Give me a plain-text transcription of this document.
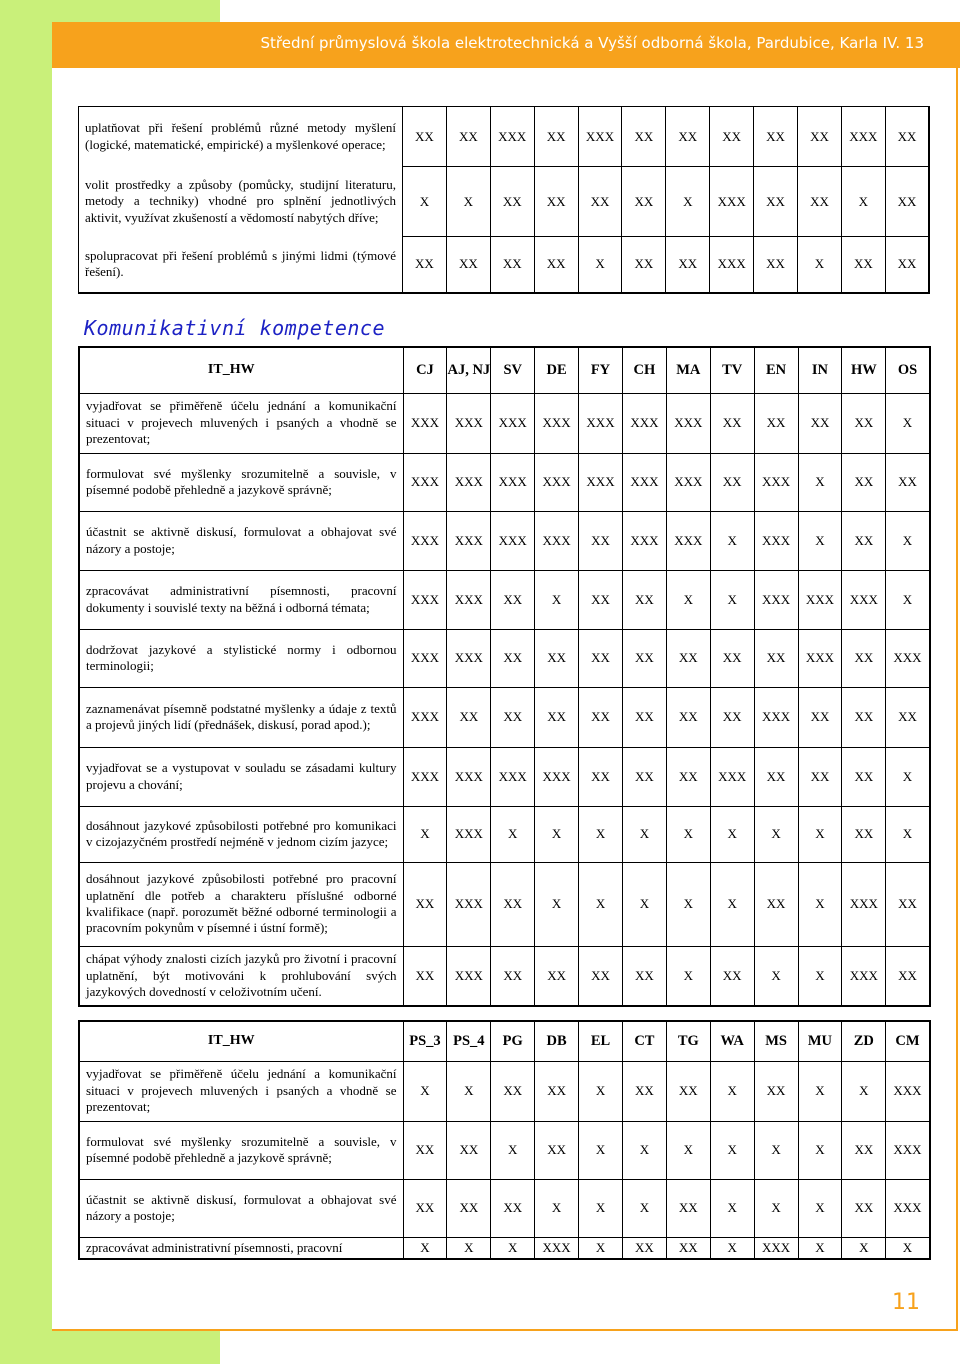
Střední průmyslová škola elektrotechnická a Vyšší odborná škola, Pardubice, Karla IV. 13
uplatňovat při řešení problémů různé metody myšlení (logické, matematické, empirické) a myšlenkové operace;	XX	XX	XXX	XX	XXX	XX	XX	XX	XX	XX	XXX	XX
volit prostředky a způsoby (pomůcky, studijní literaturu, metody a techniky) vhodné pro splnění jednotlivých aktivit, využívat zkušeností a vědomostí nabytých dříve;	X	X	XX	XX	XX	XX	X	XXX	XX	XX	X	XX
spolupracovat při řešení problémů s jinými lidmi (týmové řešení).	XX	XX	XX	XX	X	XX	XX	XXX	XX	X	XX	XX
Komunikativní kompetence
IT_HW	CJ	AJ, NJ	SV	DE	FY	CH	MA	TV	EN	IN	HW	OS
vyjadřovat se přiměřeně účelu jednání a komunikační situaci v projevech mluvených i psaných a vhodně se prezentovat;	XXX	XXX	XXX	XXX	XXX	XXX	XXX	XX	XX	XX	XX	X
formulovat své myšlenky srozumitelně a souvisle, v písemné podobě přehledně a jazykově správně;	XXX	XXX	XXX	XXX	XXX	XXX	XXX	XX	XXX	X	XX	XX
účastnit se aktivně diskusí, formulovat a obhajovat své názory a postoje;	XXX	XXX	XXX	XXX	XX	XXX	XXX	X	XXX	X	XX	X
zpracovávat administrativní písemnosti, pracovní dokumenty i souvislé texty na běžná i odborná témata;	XXX	XXX	XX	X	XX	XX	X	X	XXX	XXX	XXX	X
dodržovat jazykové a stylistické normy i odbornou terminologii;	XXX	XXX	XX	XX	XX	XX	XX	XX	XX	XXX	XX	XXX
zaznamenávat písemně podstatné myšlenky a údaje z textů a projevů jiných lidí (přednášek, diskusí, porad apod.);	XXX	XX	XX	XX	XX	XX	XX	XX	XXX	XX	XX	XX
vyjadřovat se a vystupovat v souladu se zásadami kultury projevu a chování;	XXX	XXX	XXX	XXX	XX	XX	XX	XXX	XX	XX	XX	X
dosáhnout jazykové způsobilosti potřebné pro komunikaci v cizojazyčném prostředí nejméně v jednom cizím jazyce;	X	XXX	X	X	X	X	X	X	X	X	XX	X
dosáhnout jazykové způsobilosti potřebné pro pracovní uplatnění dle potřeb a charakteru příslušné odborné kvalifikace (např. porozumět běžné odborné terminologii a pracovním pokynům v písemné i ústní formě);	XX	XXX	XX	X	X	X	X	X	XX	X	XXX	XX
chápat výhody znalosti cizích jazyků pro životní i pracovní uplatnění, být motivováni k prohlubování svých jazykových dovedností v celoživotním učení.	XX	XXX	XX	XX	XX	XX	X	XX	X	X	XXX	XX
IT_HW	PS_3	PS_4	PG	DB	EL	CT	TG	WA	MS	MU	ZD	CM
vyjadřovat se přiměřeně účelu jednání a komunikační situaci v projevech mluvených i psaných a vhodně se prezentovat;	X	X	XX	XX	X	XX	XX	X	XX	X	X	XXX
formulovat své myšlenky srozumitelně a souvisle, v písemné podobě přehledně a jazykově správně;	XX	XX	X	XX	X	X	X	X	X	X	XX	XXX
účastnit se aktivně diskusí, formulovat a obhajovat své názory a postoje;	XX	XX	XX	X	X	X	XX	X	X	X	XX	XXX
zpracovávat administrativní písemnosti, pracovní	X	X	X	XXX	X	XX	XX	X	XXX	X	X	X
11
